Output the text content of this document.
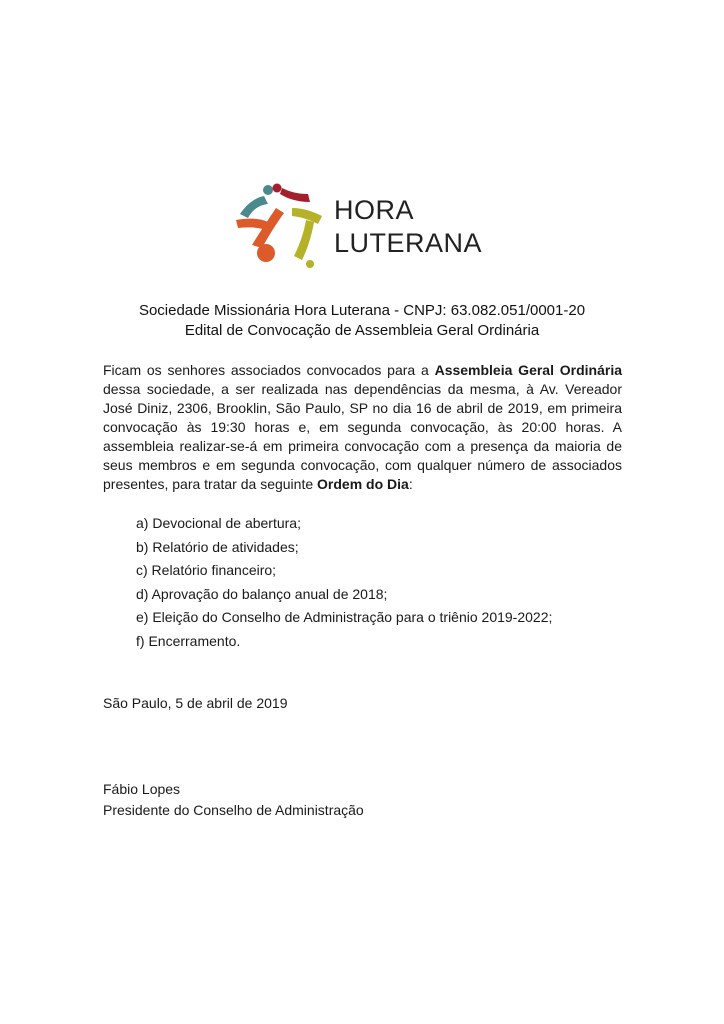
HORA
LUTERANA
Sociedade Missionária Hora Luterana - CNPJ: 63.082.051/0001-20
Edital de Convocação de Assembleia Geral Ordinária
Ficam os senhores associados convocados para a Assembleia Geral Ordinária dessa sociedade, a ser realizada nas dependências da mesma, à Av. Vereador José Diniz, 2306, Brooklin, São Paulo, SP no dia 16 de abril de 2019, em primeira convocação às 19:30 horas e, em segunda convocação, às 20:00 horas. A assembleia realizar-se-á em primeira convocação com a presença da maioria de seus membros e em segunda convocação, com qualquer número de associados presentes, para tratar da seguinte Ordem do Dia:
a) Devocional de abertura;
b) Relatório de atividades;
c) Relatório financeiro;
d) Aprovação do balanço anual de 2018;
e) Eleição do Conselho de Administração para o triênio 2019-2022;
f) Encerramento.
São Paulo, 5 de abril de 2019
Fábio Lopes
Presidente do Conselho de Administração
